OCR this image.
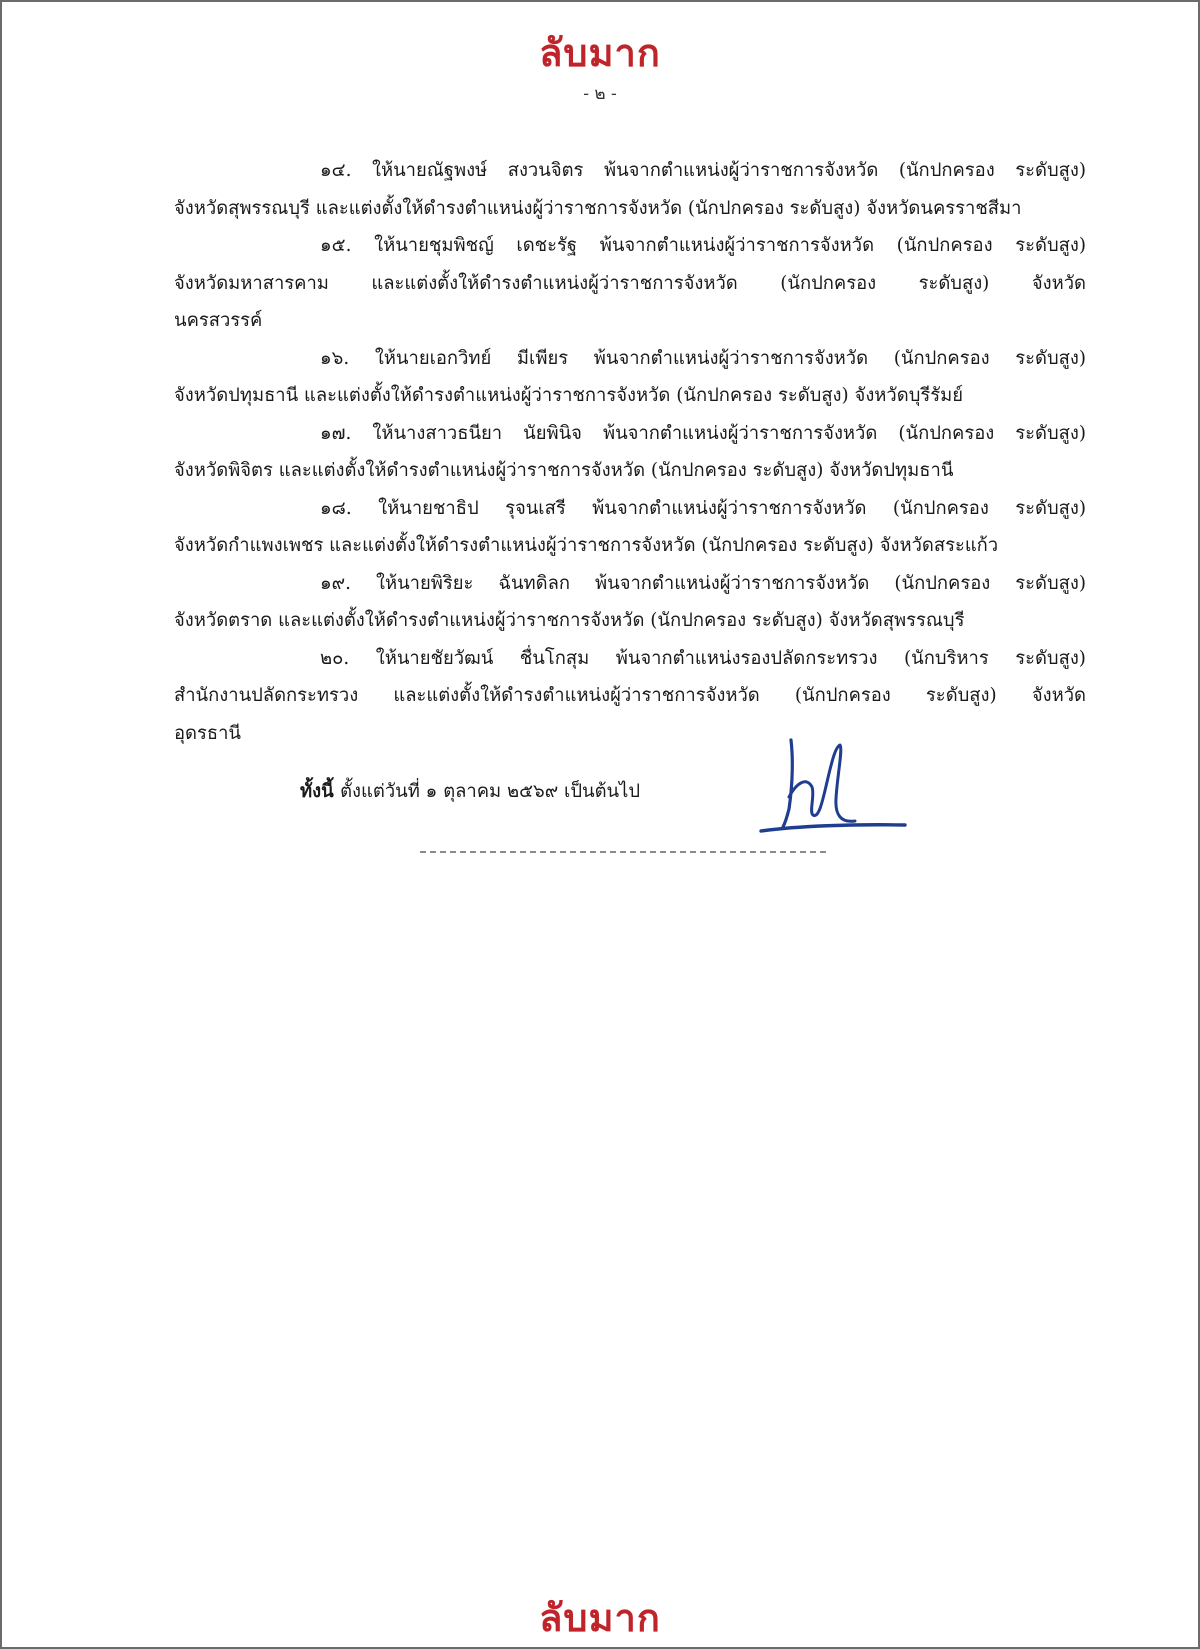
ลับมาก
- ๒ -
๑๔. ให้นายณัฐพงษ์ สงวนจิตร พ้นจากตำแหน่งผู้ว่าราชการจังหวัด (นักปกครอง ระดับสูง)
จังหวัดสุพรรณบุรี และแต่งตั้งให้ดำรงตำแหน่งผู้ว่าราชการจังหวัด (นักปกครอง ระดับสูง) จังหวัดนครราชสีมา
๑๕. ให้นายชุมพิชญ์ เดชะรัฐ พ้นจากตำแหน่งผู้ว่าราชการจังหวัด (นักปกครอง ระดับสูง)
จังหวัดมหาสารคาม และแต่งตั้งให้ดำรงตำแหน่งผู้ว่าราชการจังหวัด (นักปกครอง ระดับสูง) จังหวัด
นครสวรรค์
๑๖. ให้นายเอกวิทย์ มีเพียร พ้นจากตำแหน่งผู้ว่าราชการจังหวัด (นักปกครอง ระดับสูง)
จังหวัดปทุมธานี และแต่งตั้งให้ดำรงตำแหน่งผู้ว่าราชการจังหวัด (นักปกครอง ระดับสูง) จังหวัดบุรีรัมย์
๑๗. ให้นางสาวธนียา นัยพินิจ พ้นจากตำแหน่งผู้ว่าราชการจังหวัด (นักปกครอง ระดับสูง)
จังหวัดพิจิตร และแต่งตั้งให้ดำรงตำแหน่งผู้ว่าราชการจังหวัด (นักปกครอง ระดับสูง) จังหวัดปทุมธานี
๑๘. ให้นายชาธิป รุจนเสรี พ้นจากตำแหน่งผู้ว่าราชการจังหวัด (นักปกครอง ระดับสูง)
จังหวัดกำแพงเพชร และแต่งตั้งให้ดำรงตำแหน่งผู้ว่าราชการจังหวัด (นักปกครอง ระดับสูง) จังหวัดสระแก้ว
๑๙. ให้นายพิริยะ ฉันทดิลก พ้นจากตำแหน่งผู้ว่าราชการจังหวัด (นักปกครอง ระดับสูง)
จังหวัดตราด และแต่งตั้งให้ดำรงตำแหน่งผู้ว่าราชการจังหวัด (นักปกครอง ระดับสูง) จังหวัดสุพรรณบุรี
๒๐. ให้นายชัยวัฒน์ ชื่นโกสุม พ้นจากตำแหน่งรองปลัดกระทรวง (นักบริหาร ระดับสูง)
สำนักงานปลัดกระทรวง และแต่งตั้งให้ดำรงตำแหน่งผู้ว่าราชการจังหวัด (นักปกครอง ระดับสูง) จังหวัด
อุดรธานี
ทั้งนี้ ตั้งแต่วันที่ ๑ ตุลาคม ๒๕๖๙ เป็นต้นไป
ลับมาก
